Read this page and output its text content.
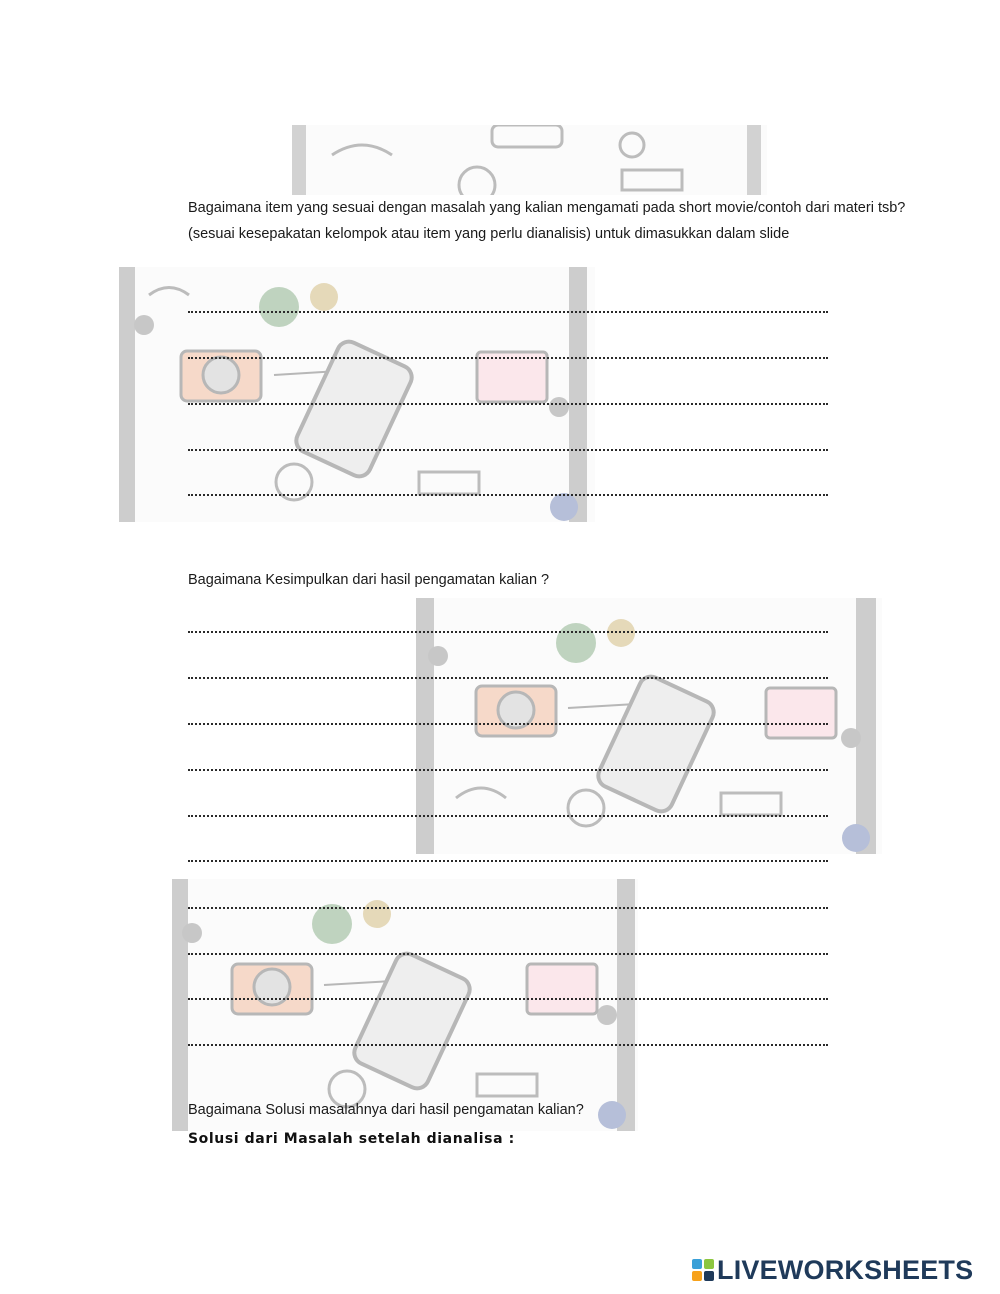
Bagaimana item yang sesuai dengan masalah yang kalian mengamati pada short movie/contoh dari materi tsb? (sesuai kesepakatan kelompok atau item yang perlu dianalisis) untuk dimasukkan dalam slide
Bagaimana Kesimpulkan dari hasil pengamatan kalian ?
Bagaimana Solusi masalahnya dari hasil pengamatan kalian?
Solusi dari Masalah setelah dianalisa :
LIVEWORKSHEETS
